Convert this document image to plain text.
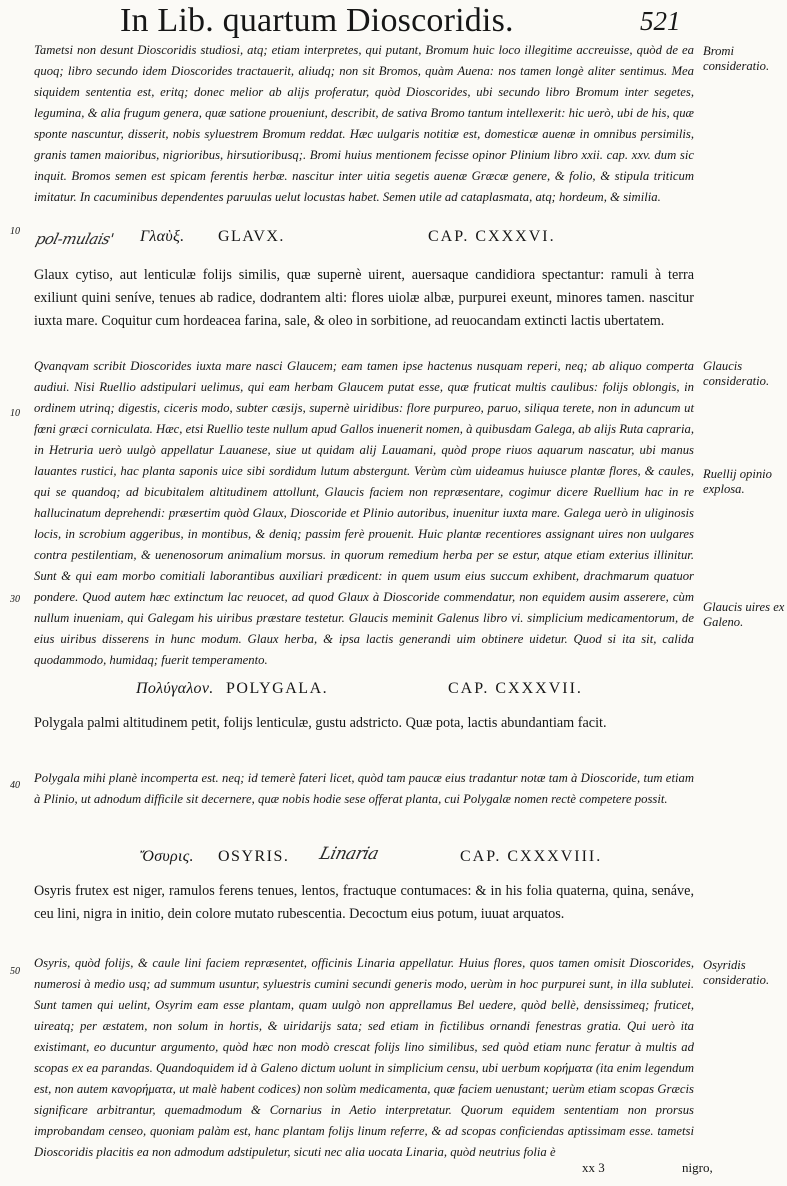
In Lib. quartum Dioscoridis.	521

Tametsi non desunt Dioscoridis studiosi, atq; etiam interpretes, qui putant, Bromum huic loco illegitime accreuisse, quòd de ea quoq; libro secundo idem Dioscorides tractauerit, aliudq; non sit Bromos, quàm Auena: nos tamen longè aliter sentimus. Mea siquidem sententia est, eritq; donec melior ab alijs proferatur, quòd Dioscorides, ubi secundo libro Bromum inter segetes, legumina, & alia frugum genera, quæ satione proueniunt, describit, de sativa Bromo tantum intellexerit: hic uerò, ubi de his, quæ sponte nascuntur, disserit, nobis syluestrem Bromum reddat. Hæc uulgaris notitiæ est, domesticæ auenæ in omnibus persimilis, granis tamen maioribus, nigrioribus, hirsutioribusq;. Bromi huius mentionem fecisse opinor Plinium libro xxii. cap. xxv. dum sic inquit. Bromos semen est spicam ferentis herbæ. nascitur inter uitia segetis auenæ Græcæ genere, & folio, & stipula triticum imitatur. In cacuminibus dependentes paruulas uelut locustas habet. Semen utile ad cataplasmata, atq; hordeum, & similia.

Bromi consideratio.
10 pol-mulais' Γλαὺξ. GLAVX.	CAP. CXXXVI.

Glaux cytiso, aut lenticulæ folijs similis, quæ supernè uirent, auersaque candidiora spectantur: ramuli à terra exiliunt quini seníve, tenues ab radice, dodrantem alti: flores uiolæ albæ, purpurei exeunt, minores tamen. nascitur iuxta mare. Coquitur cum hordeacea farina, sale, & oleo in sorbitione, ad reuocandam extincti lactis ubertatem.

Qvanqvam scribit Dioscorides iuxta mare nasci Glaucem; eam tamen ipse hactenus nusquam reperi, neq; ab aliquo comperta audiui. Nisi Ruellio adstipulari uelimus, qui eam herbam Glaucem putat esse, quæ fruticat multis caulibus: folijs oblongis, in ordinem utrinq; digestis, ciceris modo, subter cæsijs, supernè uiridibus: flore purpureo, paruo, siliqua terete, non in aduncum ut fœni græci corniculata. Hæc, etsi Ruellio teste nullum apud Gallos inuenerit nomen, à quibusdam Galega, ab alijs Ruta capraria, in Hetruria uerò uulgò appellatur Lauanese, siue ut quidam alij Lauamani, quòd prope riuos aquarum nascatur, ubi manus lauantes rustici, hac planta saponis uice sibi sordidum lutum abstergunt. Verùm cùm uideamus huiusce plantæ flores, & caules, qui se quandoq; ad bicubitalem altitudinem attollunt, Glaucis faciem non repræsentare, cogimur dicere Ruellium hac in re hallucinatum deprehendi: præsertim quòd Glaux, Dioscoride et Plinio autoribus, inuenitur iuxta mare. Galega uerò in uliginosis locis, in scrobium aggeribus, in montibus, & deniq; passim ferè prouenit. Huic plantæ recentiores assignant uires non uulgares contra pestilentiam, & uenenosorum animalium morsus. in quorum remedium herba per se estur, atque etiam exterius illinitur. Sunt & qui eam morbo comitiali laborantibus auxiliari prædicent: in quem usum eius succum exhibent, drachmarum quatuor pondere. Quod autem hæc extinctum lac reuocet, ad quod Glaux à Dioscoride commendatur, non equidem ausim asserere, cùm nullum inueniam, qui Galegam his uiribus præstare testetur. Glaucis meminit Galenus libro vi. simplicium medicamentorum, de eius uiribus disserens in hunc modum. Glaux herba, & ipsa lactis generandi uim obtinere uidetur. Quod si ita sit, calida quodammodo, humidaq; fuerit temperamento.

Glaucis consideratio.
Ruellij opinio explosa.
Glaucis uires ex Galeno.
10
30
Πολύγαλον. POLYGALA.	CAP. CXXXVII.

Polygala palmi altitudinem petit, folijs lenticulæ, gustu adstricto. Quæ pota, lactis abundantiam facit.

40

Polygala mihi planè incomperta est. neq; id temerè fateri licet, quòd tam paucæ eius tradantur notæ tam à Dioscoride, tum etiam à Plinio, ut adnodum difficile sit decernere, quæ nobis hodie sese offerat planta, cui Polygalæ nomen rectè competere possit.

Ὄσυρις. OSYRIS. Linaria	CAP. CXXXVIII.

Osyris frutex est niger, ramulos ferens tenues, lentos, fractuque contumaces: & in his folia quaterna, quina, senáve, ceu lini, nigra in initio, dein colore mutato rubescentia. Decoctum eius potum, iuuat arquatos.

50

Osyris, quòd folijs, & caule lini faciem repræsentet, officinis Linaria appellatur. Huius flores, quos tamen omisit Dioscorides, numerosi à medio usq; ad summum usuntur, syluestris cumini secundi generis modo, uerùm in hoc purpurei sunt, in illa sublutei. Sunt tamen qui uelint, Osyrim eam esse plantam, quam uulgò non apprellamus Bel uedere, quòd bellè, densissimeq; fruticet, uireatq; per æstatem, non solum in hortis, & uiridarijs sata; sed etiam in fictilibus ornandi fenestras gratia. Qui uerò ita existimant, eo ducuntur argumento, quòd hæc non modò crescat folijs lino similibus, sed quòd etiam nunc feratur à multis ad scopas ex ea parandas. Quandoquidem id à Galeno dictum uolunt in simplicium censu, ubi uerbum κορήματα (ita enim legendum est, non autem κανορήματα, ut malè habent codices) non solùm medicamenta, quæ faciem uenustant; uerùm etiam scopas Græcis significare arbitrantur, quemadmodum & Cornarius in Aetio interpretatur. Quorum equidem sententiam non prorsus improbandam censeo, quoniam palàm est, hanc plantam folijs linum referre, & ad scopas conficiendas aptissimam esse. tametsi Dioscoridis placitis ea non admodum adstipuletur, sicuti nec alia uocata Linaria, quòd neutrius folia è

Osyridis consideratio.
xx 3	nigro,
